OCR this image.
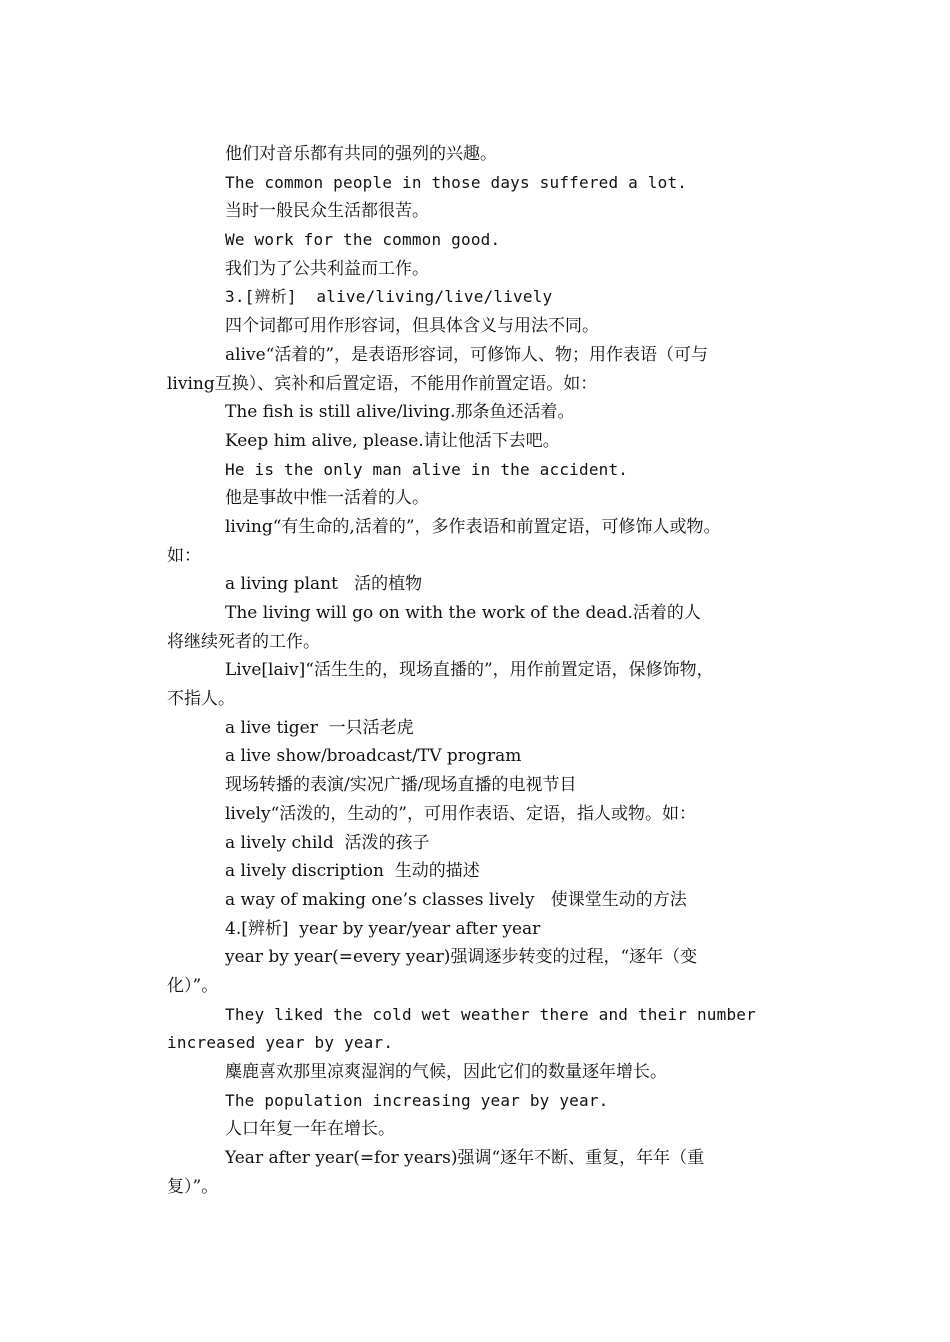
他们对音乐都有共同的强列的兴趣。
The common people in those days suffered a lot.
当时一般民众生活都很苦。
We work for the common good.
我们为了公共利益而工作。
3.[辨析]  alive/living/live/lively
四个词都可用作形容词，但具体含义与用法不同。
alive“活着的”，是表语形容词，可修饰人、物；用作表语（可与
living互换）、宾补和后置定语，不能用作前置定语。如：
The fish is still alive/living.那条鱼还活着。
Keep him alive, please.请让他活下去吧。
He is the only man alive in the accident.
他是事故中惟一活着的人。
living“有生命的,活着的”，多作表语和前置定语，可修饰人或物。
如：
a living plant   活的植物
The living will go on with the work of the dead.活着的人
将继续死者的工作。
Live[laiv]“活生生的，现场直播的”，用作前置定语，保修饰物，
不指人。
a live tiger  一只活老虎
a live show/broadcast/TV program
现场转播的表演/实况广播/现场直播的电视节目
lively“活泼的，生动的”，可用作表语、定语，指人或物。如：
a lively child  活泼的孩子
a lively discription  生动的描述
a way of making one’s classes lively   使课堂生动的方法
4.[辨析]  year by year/year after year
year by year(=every year)强调逐步转变的过程，“逐年（变
化）”。
They liked the cold wet weather there and their number
increased year by year.
麋鹿喜欢那里凉爽湿润的气候，因此它们的数量逐年增长。
The population increasing year by year.
人口年复一年在增长。
Year after year(=for years)强调“逐年不断、重复，年年（重
复）”。
